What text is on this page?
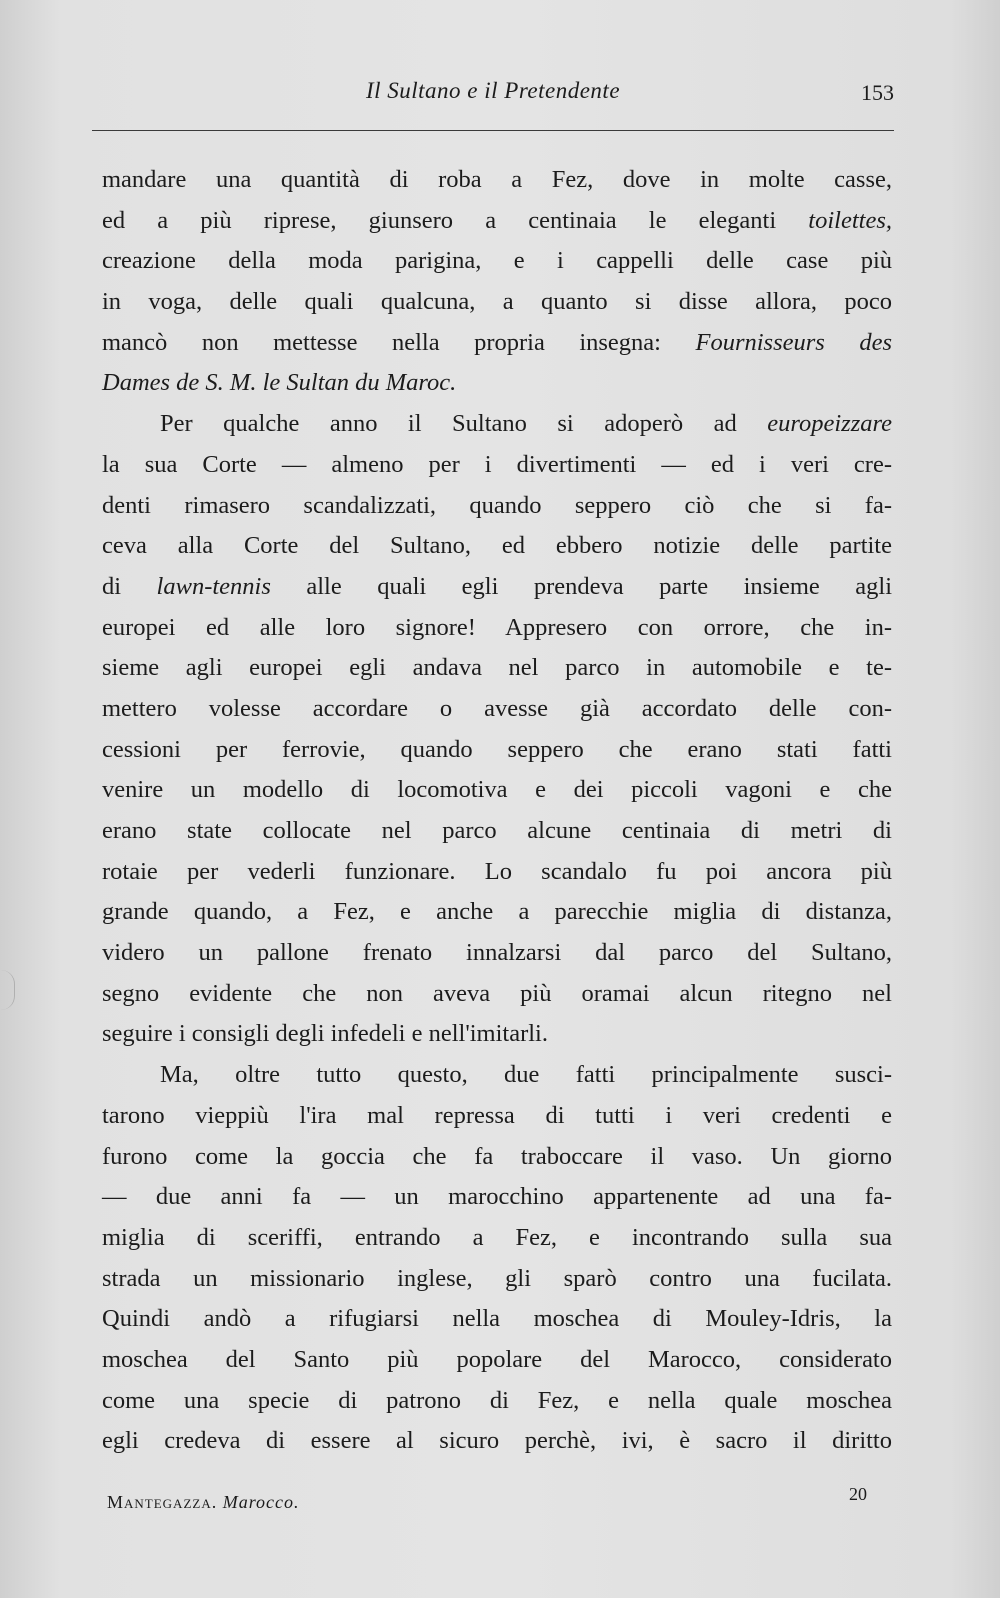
Il Sultano e il Pretendente	153
mandare una quantità di roba a Fez, dove in molte casse,
ed a più riprese, giunsero a centinaia le eleganti toilettes,
creazione della moda parigina, e i cappelli delle case più
in voga, delle quali qualcuna, a quanto si disse allora, poco
mancò non mettesse nella propria insegna: Fournisseurs des
Dames de S. M. le Sultan du Maroc.
Per qualche anno il Sultano si adoperò ad europeizzare
la sua Corte — almeno per i divertimenti — ed i veri cre-
denti rimasero scandalizzati, quando seppero ciò che si fa-
ceva alla Corte del Sultano, ed ebbero notizie delle partite
di lawn-tennis alle quali egli prendeva parte insieme agli
europei ed alle loro signore! Appresero con orrore, che in-
sieme agli europei egli andava nel parco in automobile e te-
mettero volesse accordare o avesse già accordato delle con-
cessioni per ferrovie, quando seppero che erano stati fatti
venire un modello di locomotiva e dei piccoli vagoni e che
erano state collocate nel parco alcune centinaia di metri di
rotaie per vederli funzionare. Lo scandalo fu poi ancora più
grande quando, a Fez, e anche a parecchie miglia di distanza,
videro un pallone frenato innalzarsi dal parco del Sultano,
segno evidente che non aveva più oramai alcun ritegno nel
seguire i consigli degli infedeli e nell'imitarli.
Ma, oltre tutto questo, due fatti principalmente susci-
tarono vieppiù l'ira mal repressa di tutti i veri credenti e
furono come la goccia che fa traboccare il vaso. Un giorno
— due anni fa — un marocchino appartenente ad una fa-
miglia di sceriffi, entrando a Fez, e incontrando sulla sua
strada un missionario inglese, gli sparò contro una fucilata.
Quindi andò a rifugiarsi nella moschea di Mouley-Idris, la
moschea del Santo più popolare del Marocco, considerato
come una specie di patrono di Fez, e nella quale moschea
egli credeva di essere al sicuro perchè, ivi, è sacro il diritto
Mantegazza. Marocco.	20
